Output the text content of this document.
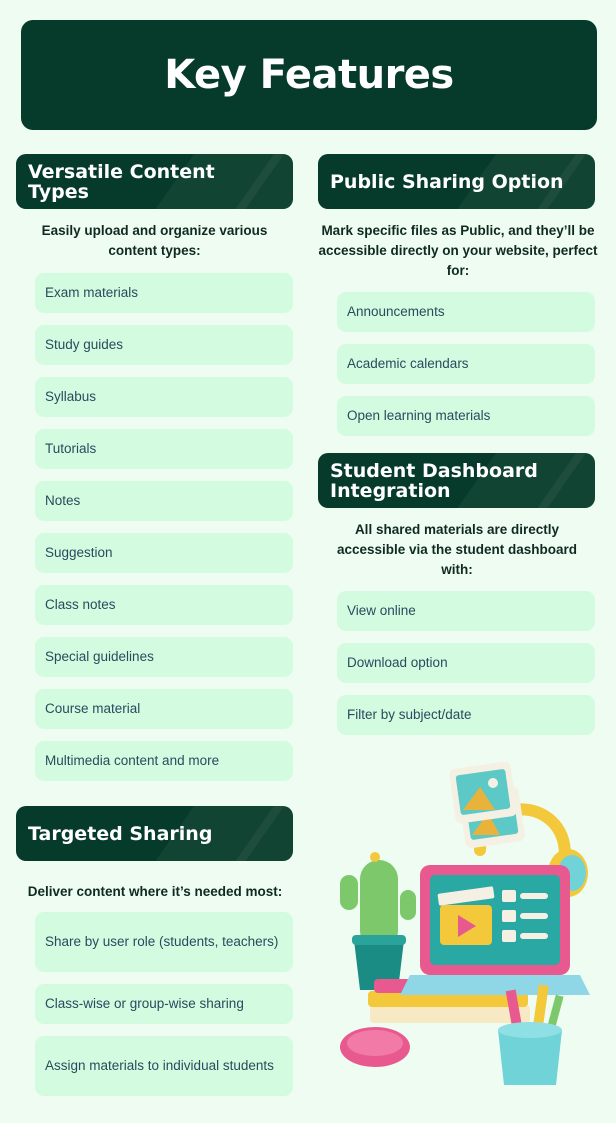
Key Features
Versatile Content Types
Easily upload and organize various content types:
Exam materials
Study guides
Syllabus
Tutorials
Notes
Suggestion
Class notes
Special guidelines
Course material
Multimedia content and more
Targeted Sharing
Deliver content where it’s needed most:
Share by user role (students, teachers)
Class-wise or group-wise sharing
Assign materials to individual students
Public Sharing Option
Mark specific files as Public, and they’ll be accessible directly on your website, perfect for:
Announcements
Academic calendars
Open learning materials
Student Dashboard Integration
All shared materials are directly accessible via the student dashboard with:
View online
Download option
Filter by subject/date
